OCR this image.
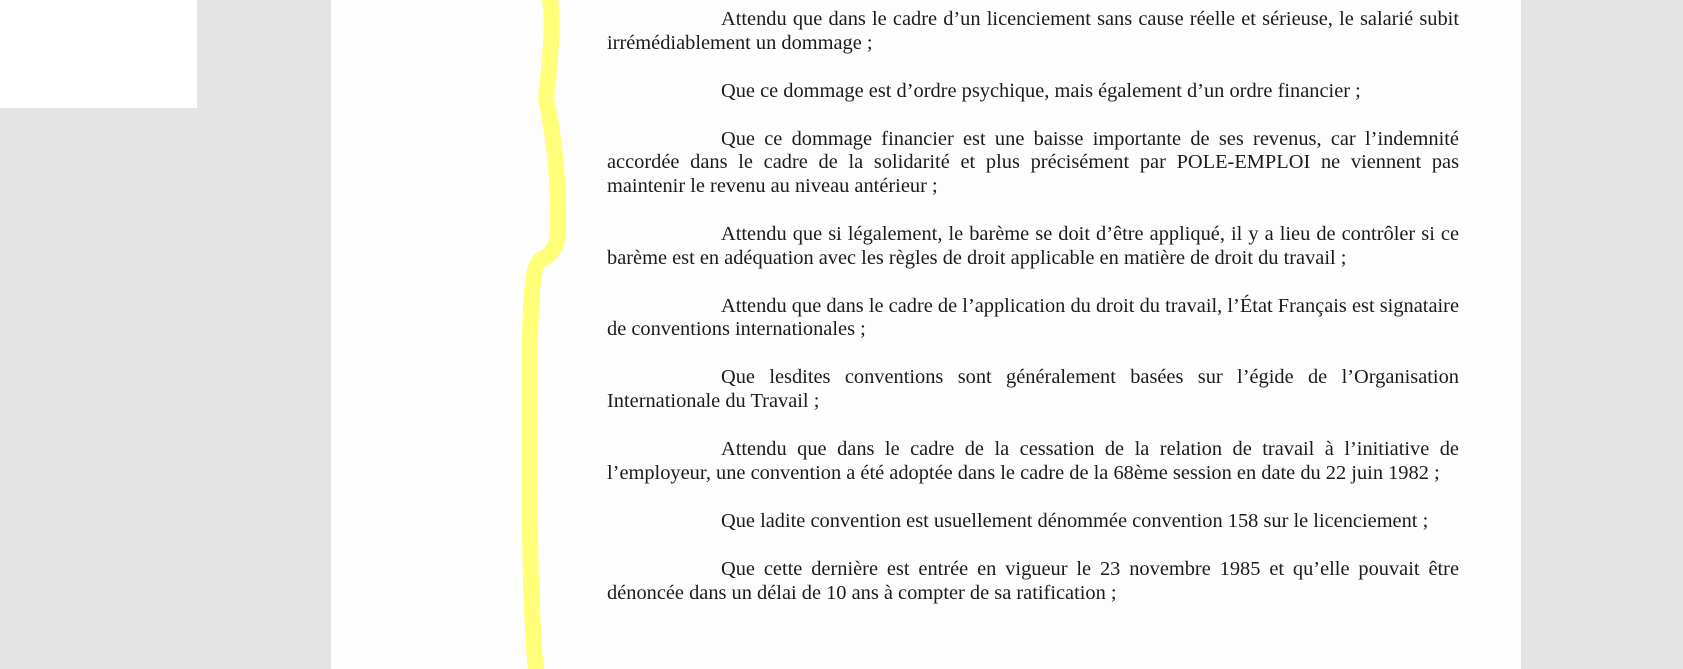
Attendu que dans le cadre d’un licenciement sans cause réelle et sérieuse, le salarié subit irrémédiablement un dommage ;

Que ce dommage est d’ordre psychique, mais également d’un ordre financier ;

Que ce dommage financier est une baisse importante de ses revenus, car l’indemnité accordée dans le cadre de la solidarité et plus précisément par POLE-EMPLOI ne viennent pas maintenir le revenu au niveau antérieur ;

Attendu que si légalement, le barème se doit d’être appliqué, il y a lieu de contrôler si ce barème est en adéquation avec les règles de droit applicable en matière de droit du travail ;

Attendu que dans le cadre de l’application du droit du travail, l’État Français est signataire de conventions internationales ;

Que lesdites conventions sont généralement basées sur l’égide de l’Organisation Internationale du Travail ;

Attendu que dans le cadre de la cessation de la relation de travail à l’initiative de l’employeur, une convention a été adoptée dans le cadre de la 68ème session en date du 22 juin 1982 ;

Que ladite convention est usuellement dénommée convention 158 sur le licenciement ;

Que cette dernière est entrée en vigueur le 23 novembre 1985 et qu’elle pouvait être dénoncée dans un délai de 10 ans à compter de sa ratification ;
